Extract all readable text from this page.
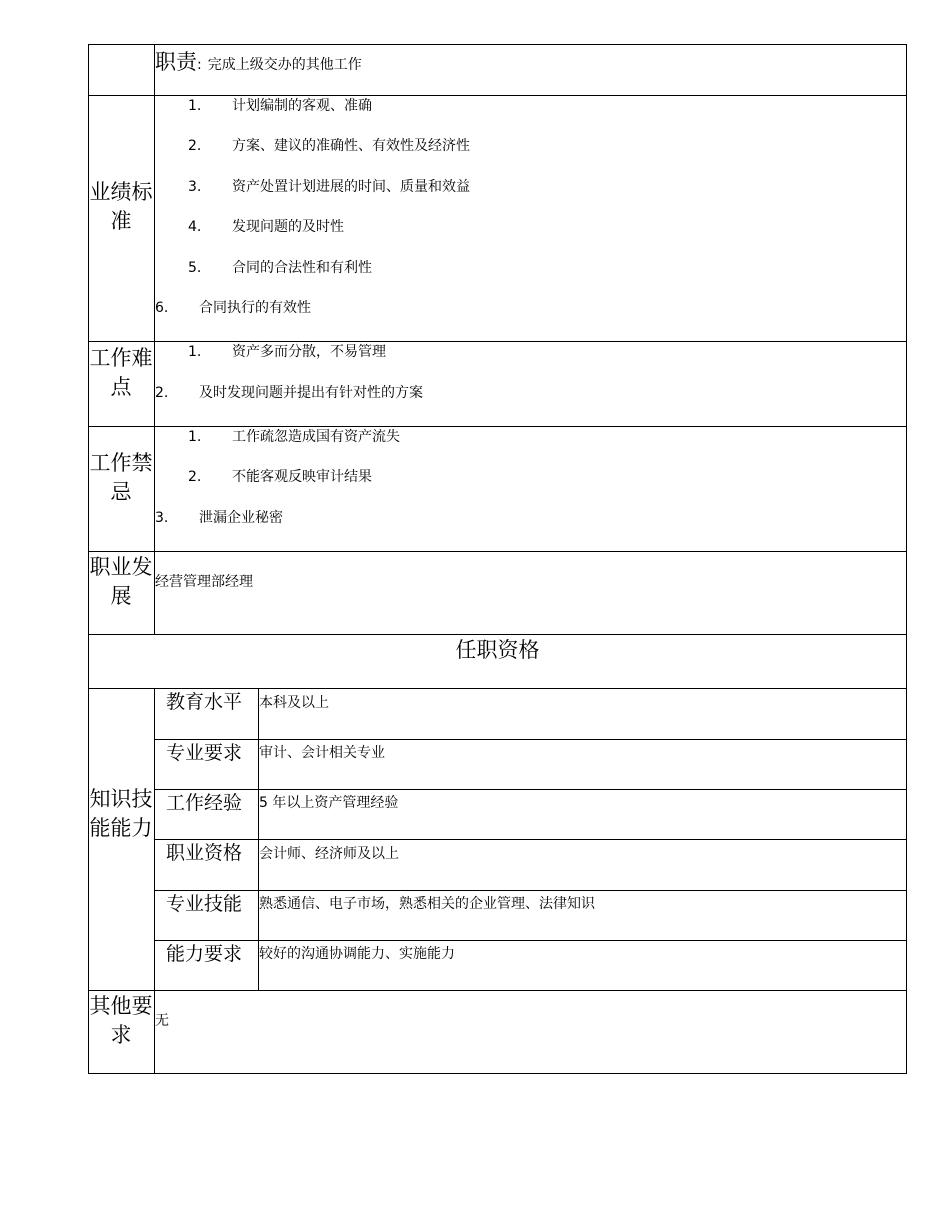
职责: 完成上级交办的其他工作
业绩标准
1. 计划编制的客观、准确
2. 方案、建议的准确性、有效性及经济性
3. 资产处置计划进展的时间、质量和效益
4. 发现问题的及时性
5. 合同的合法性和有利性
6. 合同执行的有效性
工作难点
1. 资产多而分散，不易管理
2. 及时发现问题并提出有针对性的方案
工作禁忌
1. 工作疏忽造成国有资产流失
2. 不能客观反映审计结果
3. 泄漏企业秘密
职业发展
经营管理部经理
任职资格
知识技能能力
教育水平 本科及以上
专业要求 审计、会计相关专业
工作经验 5 年以上资产管理经验
职业资格 会计师、经济师及以上
专业技能 熟悉通信、电子市场，熟悉相关的企业管理、法律知识
能力要求 较好的沟通协调能力、实施能力
其他要求
无
